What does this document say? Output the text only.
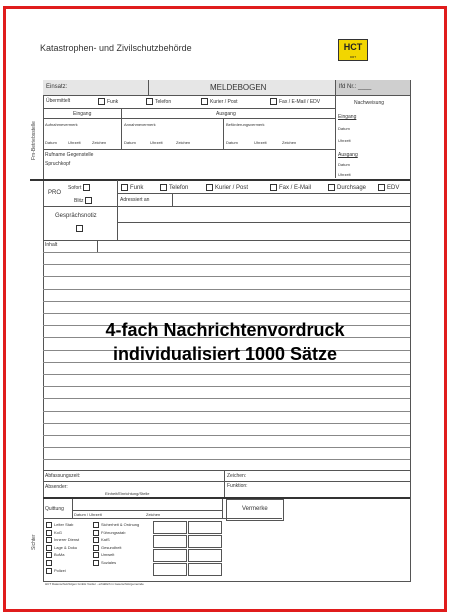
Katastrophen- und Zivilschutzbehörde	HCT
DRT
Fm-Betriebsstelle
Sichter
Einsatz:	MELDEBOGEN	lfd Nr.: ____
Übermittelt	Funk	Telefon	Kurier / Post	Fax / E-Mail / EDV	Nachweisung
Eingang	Ausgang
Aufnahmevermerk	Annahmevermerk	Beförderungsvermerk
Datum	Uhrzeit	Zeichen	Datum	Uhrzeit	Zeichen	Datum	Uhrzeit	Zeichen
Rufname Gegenstelle
Spruchkopf
Eingang
Datum
Uhrzeit
Ausgang
Datum
Uhrzeit
PRO
Sofort
Blitz
Funk	Telefon	Kurier / Post	Fax / E-Mail	Durchsage	EDV
Adressiert an
Gesprächsnotiz
Inhalt
4-fach Nachrichtenvordruck
individualisiert 1000 Sätze
Abfassungszeit:	Zeichen:
Absender:	Funktion:
Einheit/Einrichtung/Stelle
Quittung
Datum / Uhrzeit	Zeichen
Vermerke
Leiter Stab
KoG
Innerer Dienst
Lage & Doku
BuMa
Polizei
Sicherheit & Ordnung
Führungsstab
KatS
Gesundheit
Umwelt
Soziales
HCT Datenschutzfolgen GmbH Vorder - erhältlich in Geierschützgemeinde
